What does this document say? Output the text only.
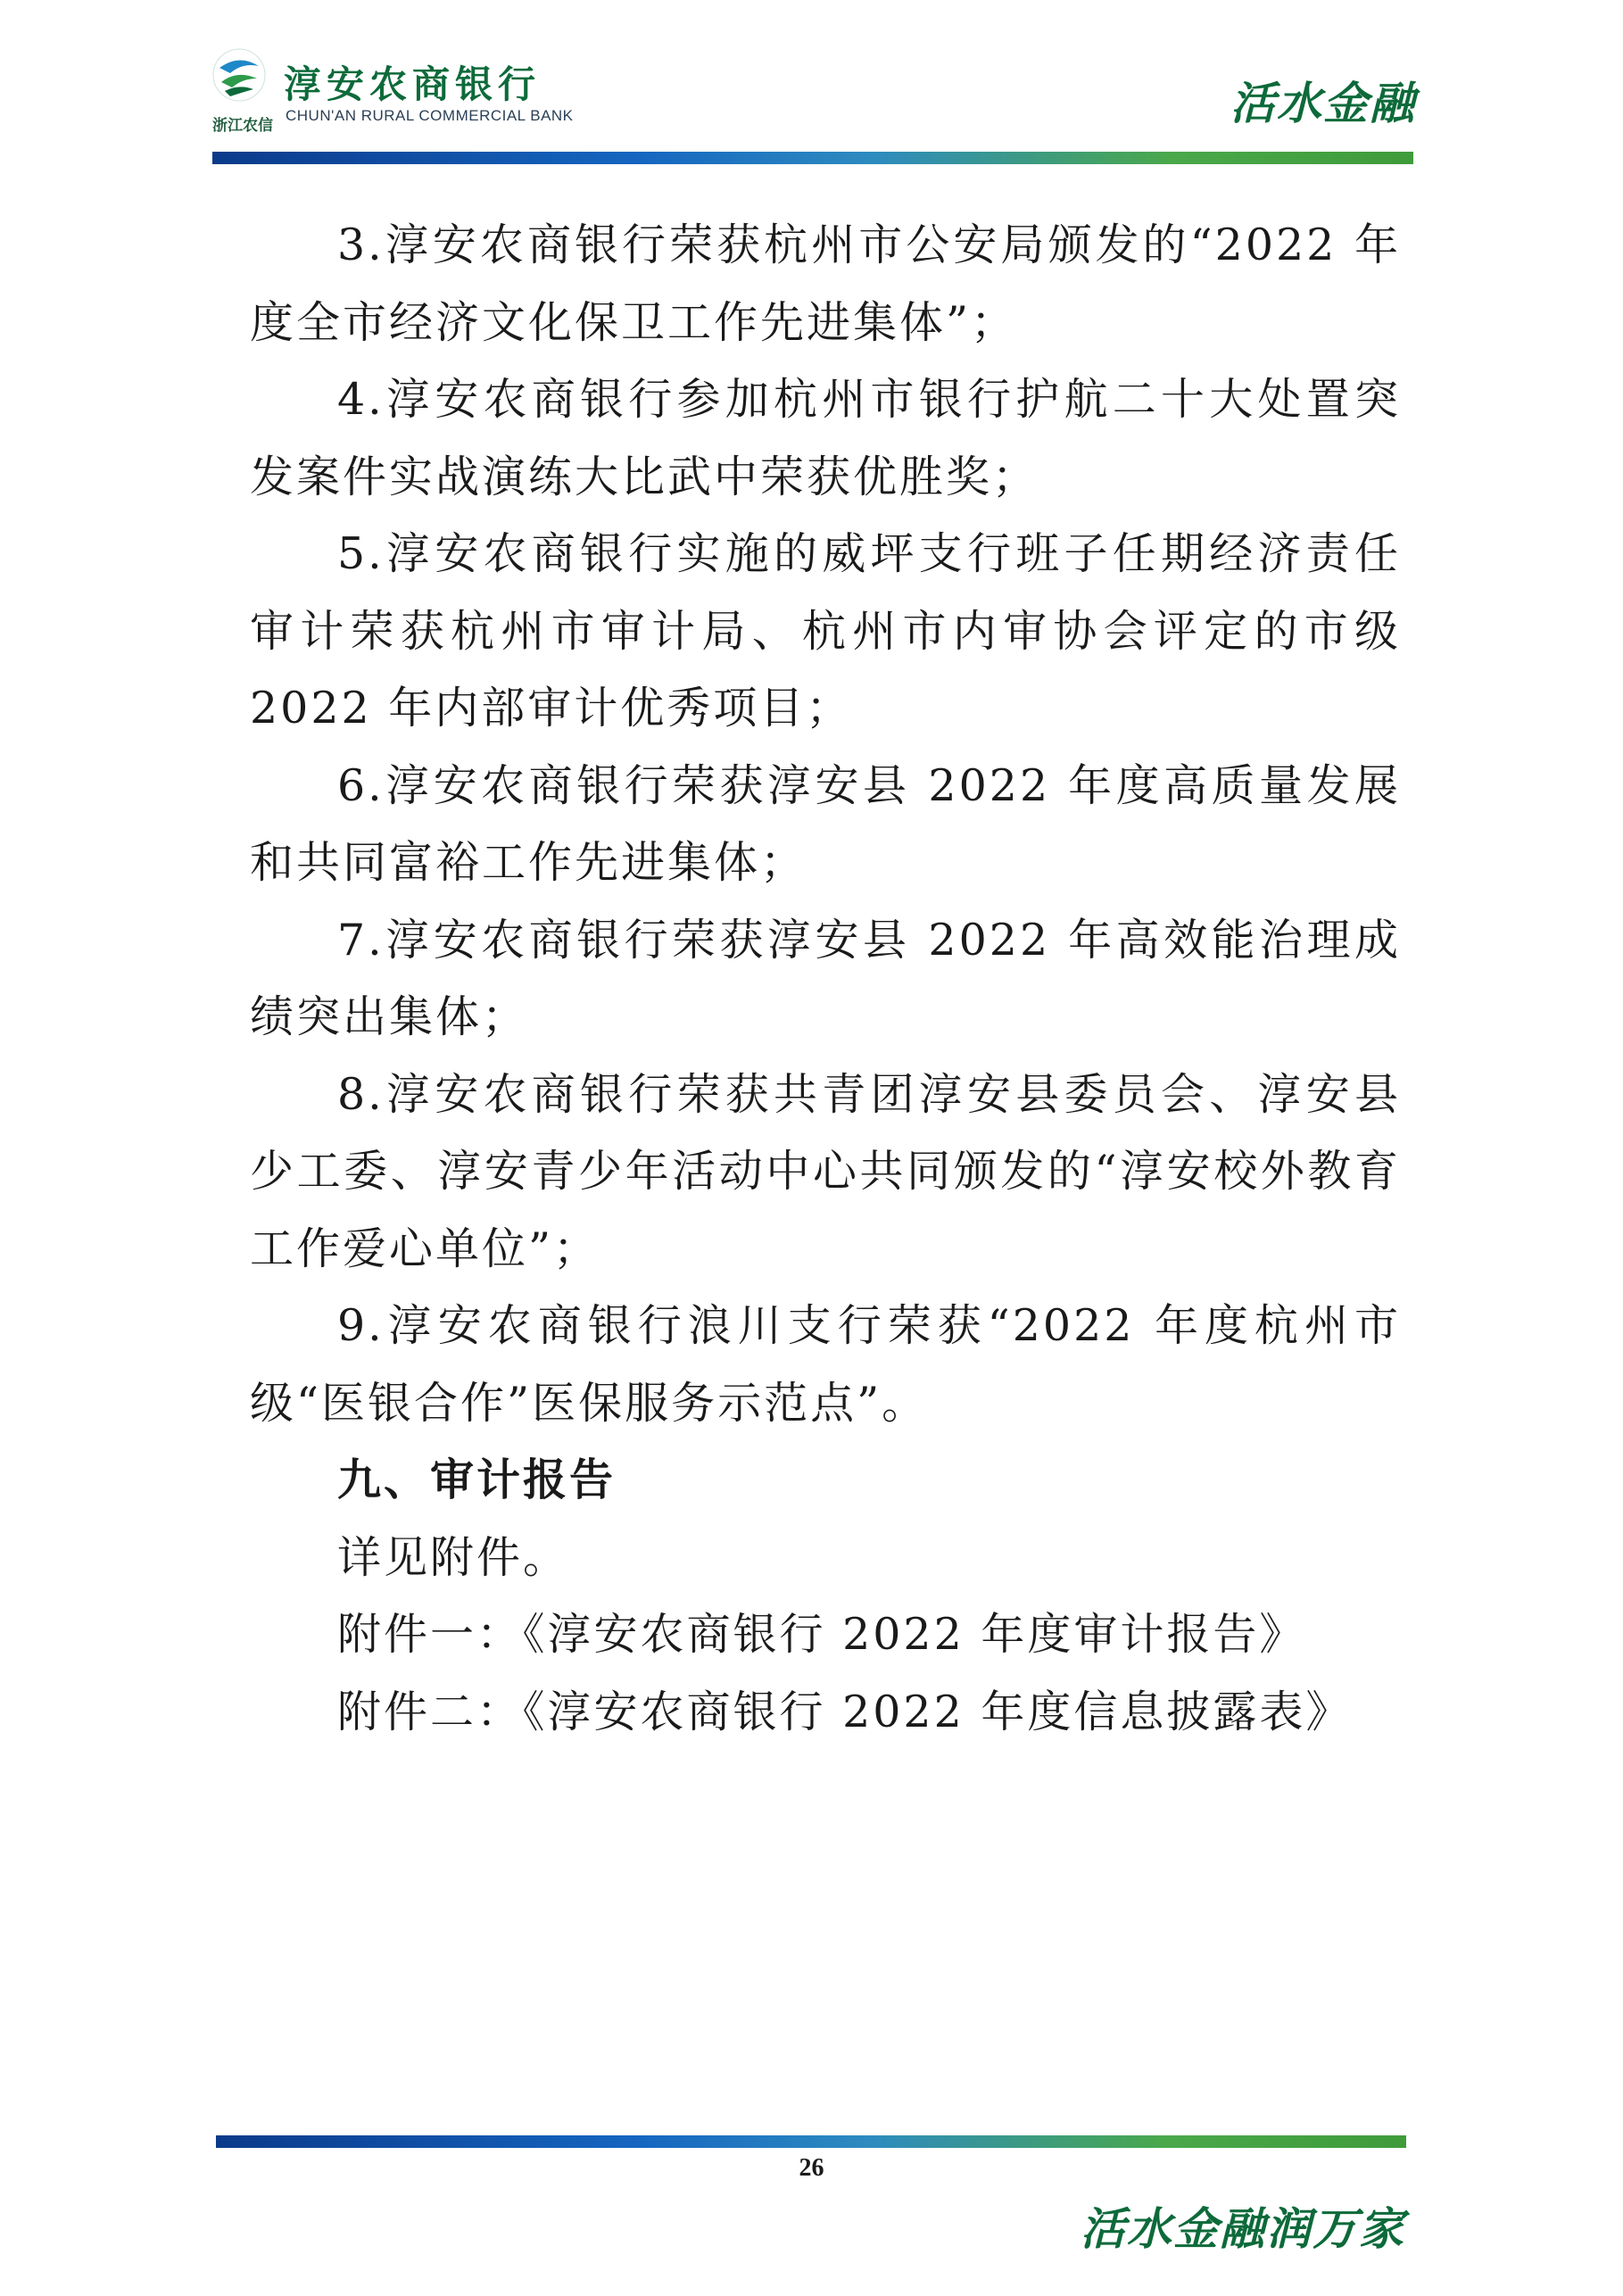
浙江农信
淳安农商银行
CHUN'AN RURAL COMMERCIAL BANK	活水金融

3.淳安农商银行荣获杭州市公安局颁发的“2022 年度全市经济文化保卫工作先进集体”；

4.淳安农商银行参加杭州市银行护航二十大处置突发案件实战演练大比武中荣获优胜奖；

5.淳安农商银行实施的威坪支行班子任期经济责任审计荣获杭州市审计局、杭州市内审协会评定的市级 2022 年内部审计优秀项目；

6.淳安农商银行荣获淳安县 2022 年度高质量发展和共同富裕工作先进集体；

7.淳安农商银行荣获淳安县 2022 年高效能治理成绩突出集体；

8.淳安农商银行荣获共青团淳安县委员会、淳安县少工委、淳安青少年活动中心共同颁发的“淳安校外教育工作爱心单位”；

9.淳安农商银行浪川支行荣获“2022 年度杭州市级“医银合作”医保服务示范点”。

九、审计报告

详见附件。

附件一：《淳安农商银行 2022 年度审计报告》

附件二：《淳安农商银行 2022 年度信息披露表》

26
活水金融润万家
